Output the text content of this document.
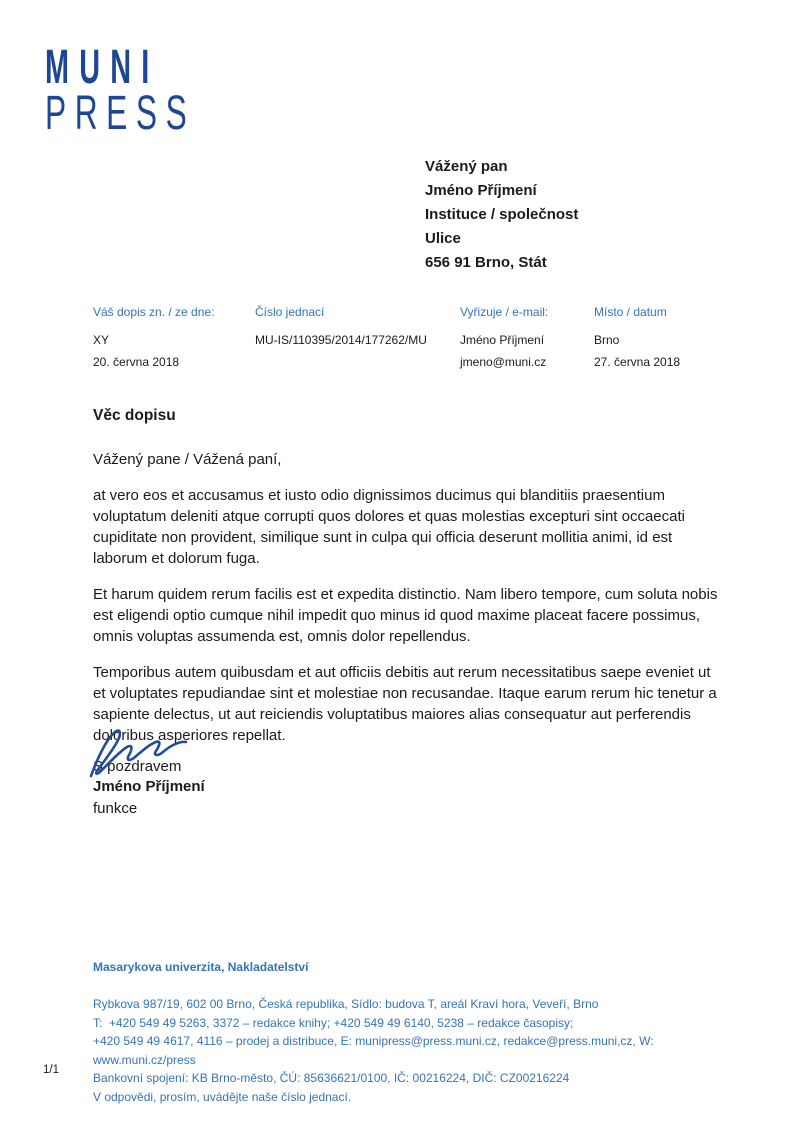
MUNI
PRESS
Vážený pan
Jméno Příjmení
Instituce / společnost
Ulice
656 91 Brno, Stát
Váš dopis zn. / ze dne:
XY
20. června 2018
Číslo jednací
MU-IS/110395/2014/177262/MU
Vyřizuje / e-mail:
Jméno Příjmení
jmeno@muni.cz
Místo / datum
Brno
27. června 2018
Věc dopisu
Vážený pane / Vážená paní,

at vero eos et accusamus et iusto odio dignissimos ducimus qui blanditiis praesentium voluptatum deleniti atque corrupti quos dolores et quas molestias excepturi sint occaecati cupiditate non provident, similique sunt in culpa qui officia deserunt mollitia animi, id est laborum et dolorum fuga.

Et harum quidem rerum facilis est et expedita distinctio. Nam libero tempore, cum soluta nobis est eligendi optio cumque nihil impedit quo minus id quod maxime placeat facere possimus, omnis voluptas assumenda est, omnis dolor repellendus.

Temporibus autem quibusdam et aut officiis debitis aut rerum necessitatibus saepe eveniet ut et voluptates repudiandae sint et molestiae non recusandae. Itaque earum rerum hic tenetur a sapiente delectus, ut aut reiciendis voluptatibus maiores alias consequatur aut perferendis doloribus asperiores repellat.

S pozdravem
Jméno Příjmení
funkce
Masarykova univerzita, Nakladatelství
Rybkova 987/19, 602 00 Brno, Česká republika, Sídlo: budova T, areál Kraví hora, Veveří, Brno
T:  +420 549 49 5263, 3372 – redakce knihy; +420 549 49 6140, 5238 – redakce časopisy;
+420 549 49 4617, 4116 – prodej a distribuce, E: munipress@press.muni.cz, redakce@press.muni,cz, W: www.muni.cz/press
Bankovní spojení: KB Brno-město, ČÚ: 85636621/0100, IČ: 00216224, DIČ: CZ00216224
V odpovědi, prosím, uvádějte naše číslo jednací.
1/1
